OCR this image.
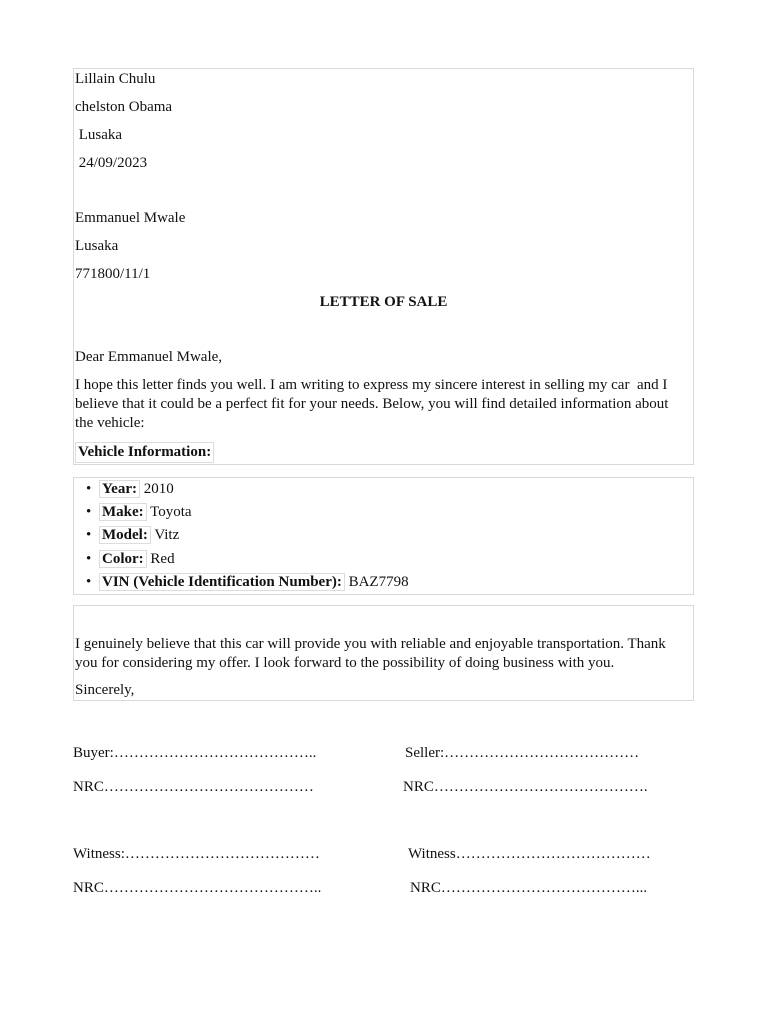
Lillain Chulu
chelston Obama
Lusaka
24/09/2023
Emmanuel Mwale
Lusaka
771800/11/1
LETTER OF SALE
Dear Emmanuel Mwale,
I hope this letter finds you well. I am writing to express my sincere interest in selling my car  and I believe that it could be a perfect fit for your needs. Below, you will find detailed information about the vehicle:
Vehicle Information:
• Year: 2010
• Make: Toyota
• Model: Vitz
• Color: Red
• VIN (Vehicle Identification Number): BAZ7798
I genuinely believe that this car will provide you with reliable and enjoyable transportation. Thank you for considering my offer. I look forward to the possibility of doing business with you.
Sincerely,
Buyer:…………………………………..	Seller:…………………………………
NRC……………………………………	NRC…………………………………….
Witness:…………………………………	Witness…………………………………
NRC……………………………………..	NRC…………………………………...
